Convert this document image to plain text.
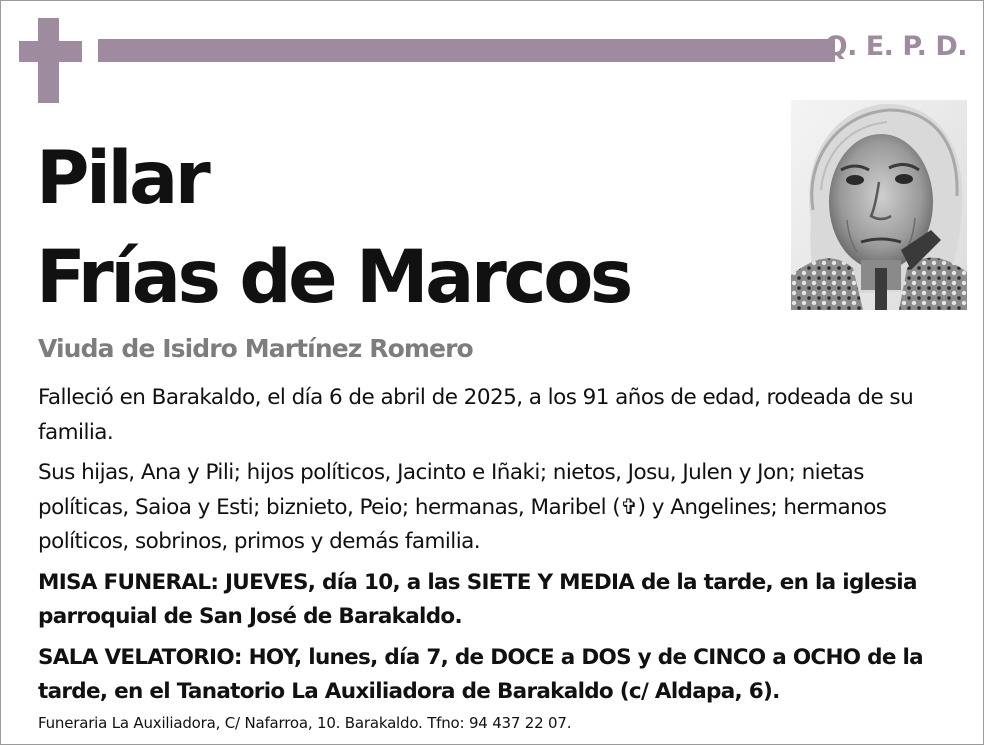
Q. E. P. D.
Pilar
Frías de Marcos
Viuda de Isidro Martínez Romero

Falleció en Barakaldo, el día 6 de abril de 2025, a los 91 años de edad, rodeada de su familia.

Sus hijas, Ana y Pili; hijos políticos, Jacinto e Iñaki; nietos, Josu, Julen y Jon; nietas políticas, Saioa y Esti; biznieto, Peio; hermanas, Maribel (✞) y Angelines; hermanos políticos, sobrinos, primos y demás familia.

MISA FUNERAL: JUEVES, día 10, a las SIETE Y MEDIA de la tarde, en la iglesia parroquial de San José de Barakaldo.

SALA VELATORIO: HOY, lunes, día 7, de DOCE a DOS y de CINCO a OCHO de la tarde, en el Tanatorio La Auxiliadora de Barakaldo (c/ Aldapa, 6).

Funeraria La Auxiliadora, C/ Nafarroa, 10. Barakaldo. Tfno: 94 437 22 07.
